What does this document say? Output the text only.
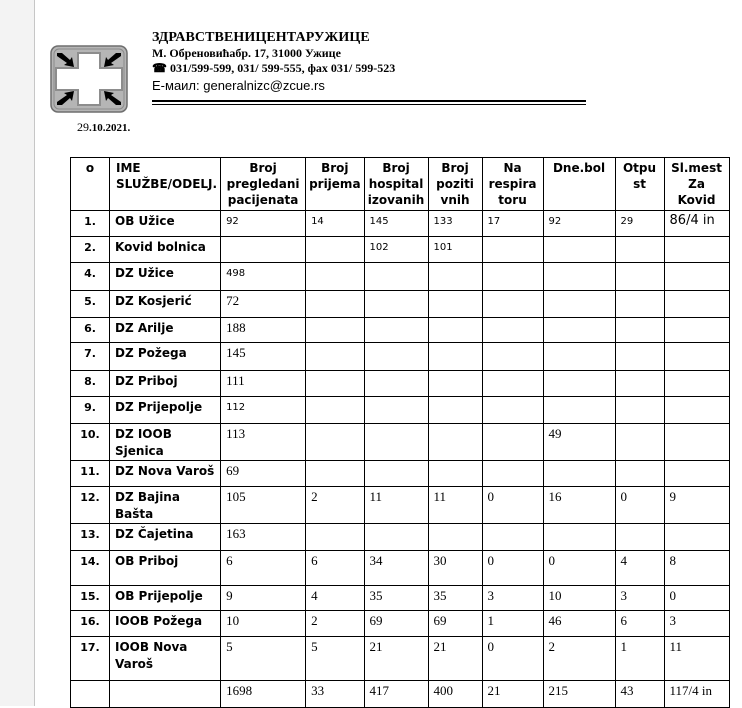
ЗДРАВСТВЕНИЦЕНТАРУЖИЦЕ
М. Обреновићабр. 17, 31000 Ужице
☎ 031/599-599, 031/ 599-555, фах 031/ 599-523
Е-маил: generalnizc@zcue.rs
29.10.2021.
o	IME SLUŽBE/ODELJ.	Broj pregledani pacijenata	Broj prijema	Broj hospital izovanih	Broj poziti vnih	Na respira toru	Dne.bol	Otpu st	Sl.mest Za Kovid
1.	OB Užice	92	14	145	133	17	92	29	86/4 in
2.	Kovid bolnica			102	101				
4.	DZ Užice	498							
5.	DZ Kosjerić	72							
6.	DZ Arilje	188							
7.	DZ Požega	145							
8.	DZ Priboj	111							
9.	DZ Prijepolje	112							
10.	DZ IOOB Sjenica	113					49		
11.	DZ Nova Varoš	69							
12.	DZ Bajina Bašta	105	2	11	11	0	16	0	9
13.	DZ Čajetina	163							
14.	OB Priboj	6	6	34	30	0	0	4	8
15.	OB Prijepolje	9	4	35	35	3	10	3	0
16.	IOOB Požega	10	2	69	69	1	46	6	3
17.	IOOB Nova Varoš	5	5	21	21	0	2	1	11
		1698	33	417	400	21	215	43	117/4 in
